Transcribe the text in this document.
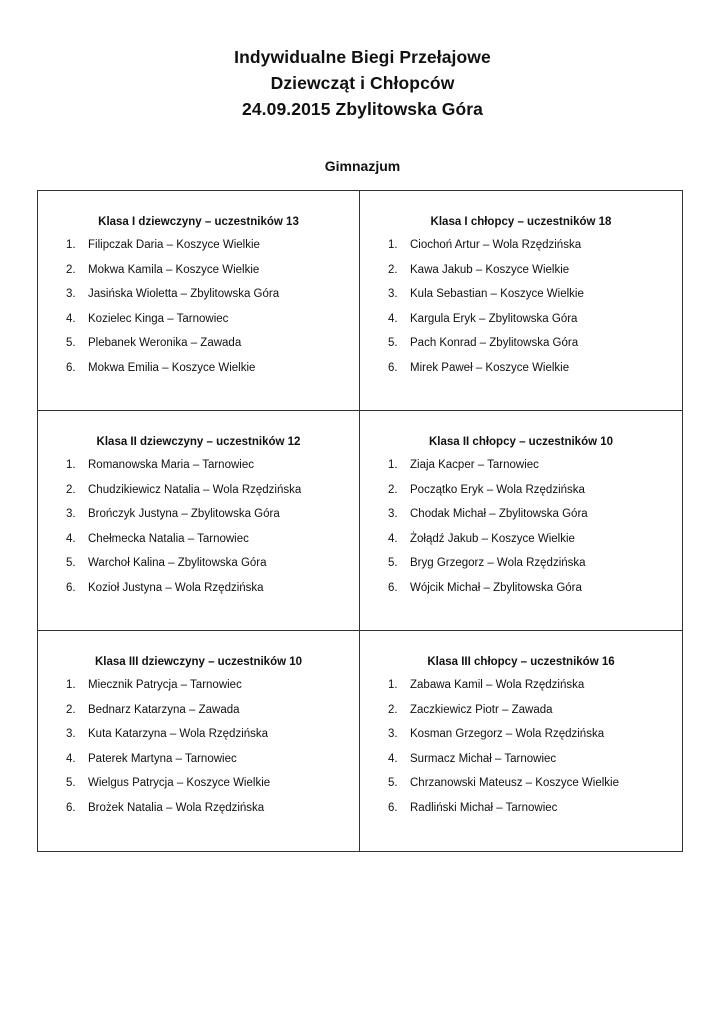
Indywidualne Biegi Przełajowe
Dziewcząt i Chłopców
24.09.2015 Zbylitowska Góra
Gimnazjum
Klasa I dziewczyny – uczestników 13
1.	Filipczak Daria – Koszyce Wielkie
2.	Mokwa Kamila – Koszyce Wielkie
3.	Jasińska Wioletta – Zbylitowska Góra
4.	Kozielec Kinga – Tarnowiec
5.	Plebanek Weronika – Zawada
6.	Mokwa Emilia – Koszyce Wielkie
Klasa I chłopcy – uczestników 18
1.	Ciochoń Artur – Wola Rzędzińska
2.	Kawa Jakub – Koszyce Wielkie
3.	Kula Sebastian – Koszyce Wielkie
4.	Kargula Eryk – Zbylitowska Góra
5.	Pach Konrad – Zbylitowska Góra
6.	Mirek Paweł – Koszyce Wielkie
Klasa II dziewczyny – uczestników 12
1.	Romanowska Maria – Tarnowiec
2.	Chudzikiewicz Natalia – Wola Rzędzińska
3.	Brończyk Justyna – Zbylitowska Góra
4.	Chełmecka Natalia – Tarnowiec
5.	Warchoł Kalina – Zbylitowska Góra
6.	Kozioł Justyna – Wola Rzędzińska
Klasa II chłopcy – uczestników 10
1.	Ziaja Kacper – Tarnowiec
2.	Początko Eryk – Wola Rzędzińska
3.	Chodak Michał – Zbylitowska Góra
4.	Żołądź Jakub – Koszyce Wielkie
5.	Bryg Grzegorz – Wola Rzędzińska
6.	Wójcik Michał – Zbylitowska Góra
Klasa III dziewczyny – uczestników 10
1.	Miecznik Patrycja – Tarnowiec
2.	Bednarz Katarzyna – Zawada
3.	Kuta Katarzyna – Wola Rzędzińska
4.	Paterek Martyna – Tarnowiec
5.	Wielgus Patrycja – Koszyce Wielkie
6.	Brożek Natalia – Wola Rzędzińska
Klasa III chłopcy – uczestników 16
1.	Zabawa Kamil – Wola Rzędzińska
2.	Zaczkiewicz Piotr – Zawada
3.	Kosman Grzegorz – Wola Rzędzińska
4.	Surmacz Michał – Tarnowiec
5.	Chrzanowski Mateusz – Koszyce Wielkie
6.	Radliński Michał – Tarnowiec
